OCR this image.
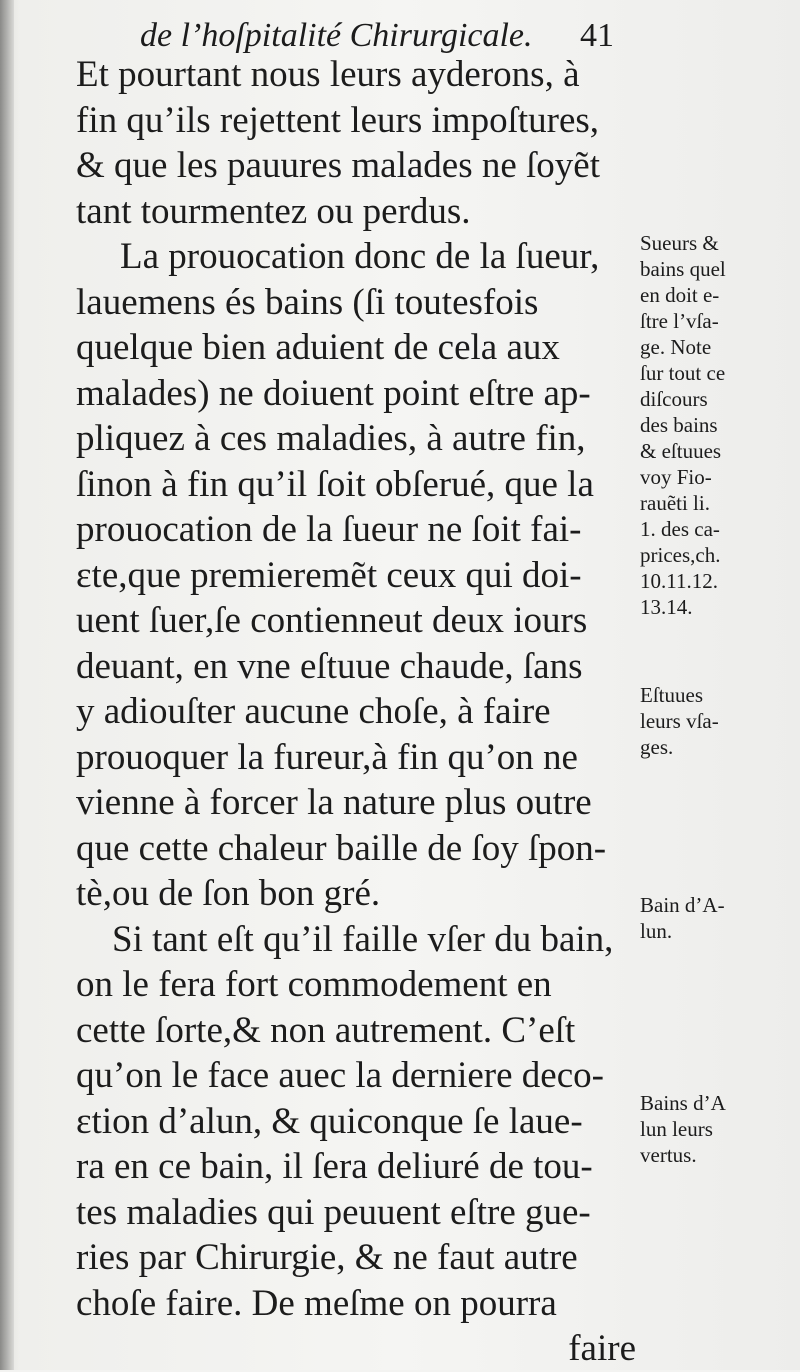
de l’hoſpitalité Chirurgicale. 41
Et pourtant nous leurs ayderons, à
fin qu’ils rejettent leurs impoſtures,
& que les pauures malades ne ſoyẽt
tant tourmentez ou perdus.
La prouocation donc de la ſueur,
lauemens és bains (ſi toutesfois
quelque bien aduient de cela aux
malades) ne doiuent point eſtre ap-
pliquez à ces maladies, à autre fin,
ſinon à fin qu’il ſoit obſerué, que la
prouocation de la ſueur ne ſoit fai-
ɛte,que premieremẽt ceux qui doi-
uent ſuer,ſe contienneut deux iours
deuant, en vne eſtuue chaude, ſans
y adiouſter aucune choſe, à faire
prouoquer la fureur,à fin qu’on ne
vienne à forcer la nature plus outre
que cette chaleur baille de ſoy ſpon-
tè,ou de ſon bon gré.
Si tant eſt qu’il faille vſer du bain,
on le fera fort commodement en
cette ſorte,& non autrement. C’eſt
qu’on le face auec la derniere deco-
ɛtion d’alun, & quiconque ſe laue-
ra en ce bain, il ſera deliuré de tou-
tes maladies qui peuuent eſtre gue-
ries par Chirurgie, & ne faut autre
choſe faire. De meſme on pourra
faire
Sueurs &
bains quel
en doit e-
ſtre l’vſa-
ge. Note
ſur tout ce
diſcours
des bains
& eſtuues
voy Fio-
rauẽti li.
1. des ca-
prices,ch.
10.11.12.
13.14.
Eſtuues
leurs vſa-
ges.
Bain d’A-
lun.
Bains d’A
lun leurs
vertus.
